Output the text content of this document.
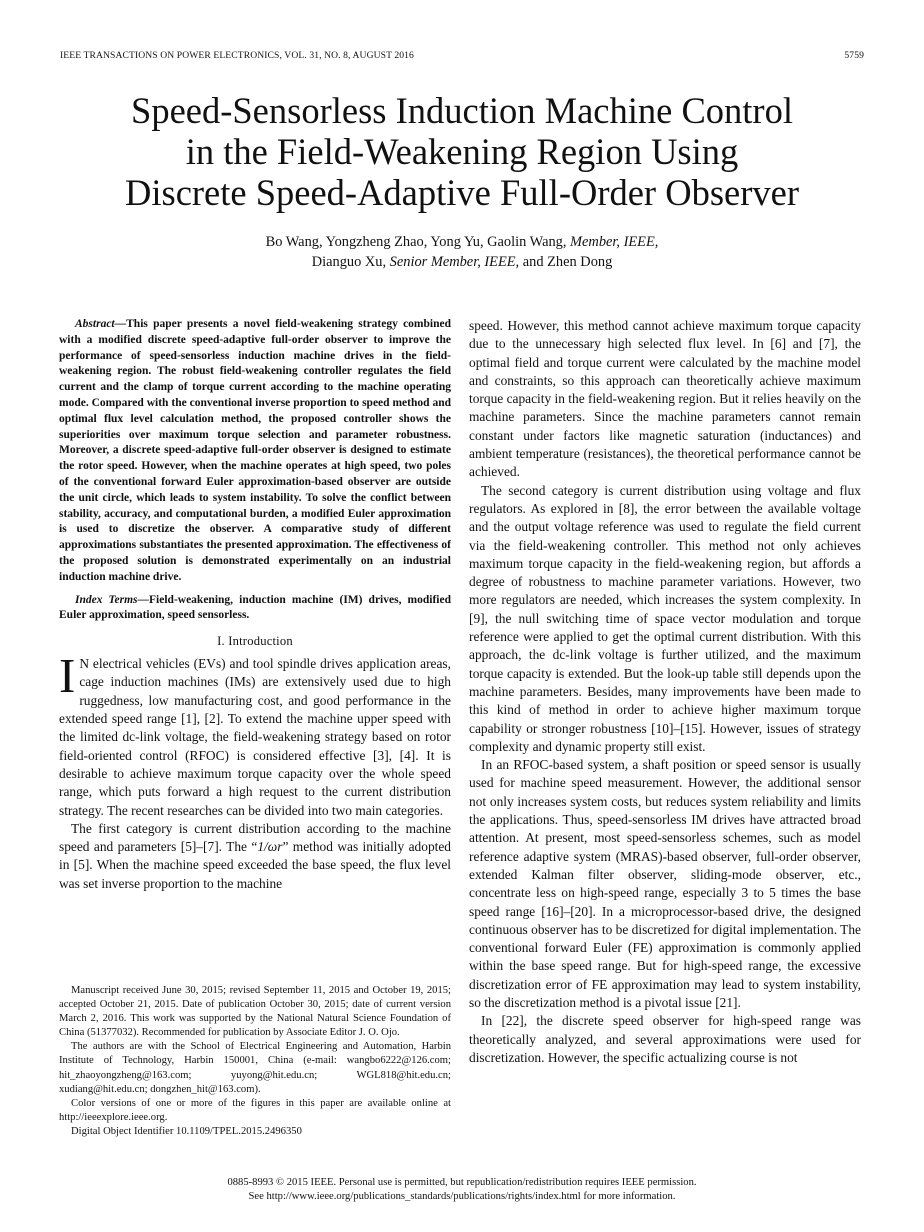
IEEE TRANSACTIONS ON POWER ELECTRONICS, VOL. 31, NO. 8, AUGUST 2016	5759
Speed-Sensorless Induction Machine Control
in the Field-Weakening Region Using
Discrete Speed-Adaptive Full-Order Observer
Bo Wang, Yongzheng Zhao, Yong Yu, Gaolin Wang, Member, IEEE,
Dianguo Xu, Senior Member, IEEE, and Zhen Dong

Abstract—This paper presents a novel field-weakening strategy combined with a modified discrete speed-adaptive full-order observer to improve the performance of speed-sensorless induction machine drives in the field-weakening region. The robust field-weakening controller regulates the field current and the clamp of torque current according to the machine operating mode. Compared with the conventional inverse proportion to speed method and optimal flux level calculation method, the proposed controller shows the superiorities over maximum torque selection and parameter robustness. Moreover, a discrete speed-adaptive full-order observer is designed to estimate the rotor speed. However, when the machine operates at high speed, two poles of the conventional forward Euler approximation-based observer are outside the unit circle, which leads to system instability. To solve the conflict between stability, accuracy, and computational burden, a modified Euler approximation is used to discretize the observer. A comparative study of different approximations substantiates the presented approximation. The effectiveness of the proposed solution is demonstrated experimentally on an industrial induction machine drive.

Index Terms—Field-weakening, induction machine (IM) drives, modified Euler approximation, speed sensorless.

I. Introduction

I N electrical vehicles (EVs) and tool spindle drives application areas, cage induction machines (IMs) are extensively used due to high ruggedness, low manufacturing cost, and good performance in the extended speed range [1], [2]. To extend the machine upper speed with the limited dc-link voltage, the field-weakening strategy based on rotor field-oriented control (RFOC) is considered effective [3], [4]. It is desirable to achieve maximum torque capacity over the whole speed range, which puts forward a high request to the current distribution strategy. The recent researches can be divided into two main categories.

The first category is current distribution according to the machine speed and parameters [5]–[7]. The “1/ωr” method was initially adopted in [5]. When the machine speed exceeded the base speed, the flux level was set inverse proportion to the machine

speed. However, this method cannot achieve maximum torque capacity due to the unnecessary high selected flux level. In [6] and [7], the optimal field and torque current were calculated by the machine model and constraints, so this approach can theoretically achieve maximum torque capacity in the field-weakening region. But it relies heavily on the machine parameters. Since the machine parameters cannot remain constant under factors like magnetic saturation (inductances) and ambient temperature (resistances), the theoretical performance cannot be achieved.

The second category is current distribution using voltage and flux regulators. As explored in [8], the error between the available voltage and the output voltage reference was used to regulate the field current via the field-weakening controller. This method not only achieves maximum torque capacity in the field-weakening region, but affords a degree of robustness to machine parameter variations. However, two more regulators are needed, which increases the system complexity. In [9], the null switching time of space vector modulation and torque reference were applied to get the optimal current distribution. With this approach, the dc-link voltage is further utilized, and the maximum torque capacity is extended. But the look-up table still depends upon the machine parameters. Besides, many improvements have been made to this kind of method in order to achieve higher maximum torque capability or stronger robustness [10]–[15]. However, issues of strategy complexity and dynamic property still exist.

In an RFOC-based system, a shaft position or speed sensor is usually used for machine speed measurement. However, the additional sensor not only increases system costs, but reduces system reliability and limits the applications. Thus, speed-sensorless IM drives have attracted broad attention. At present, most speed-sensorless schemes, such as model reference adaptive system (MRAS)-based observer, full-order observer, extended Kalman filter observer, sliding-mode observer, etc., concentrate less on high-speed range, especially 3 to 5 times the base speed range [16]–[20]. In a microprocessor-based drive, the designed continuous observer has to be discretized for digital implementation. The conventional forward Euler (FE) approximation is commonly applied within the base speed range. But for high-speed range, the excessive discretization error of FE approximation may lead to system instability, so the discretization method is a pivotal issue [21].

In [22], the discrete speed observer for high-speed range was theoretically analyzed, and several approximations were used for discretization. However, the specific actualizing course is not

Manuscript received June 30, 2015; revised September 11, 2015 and October 19, 2015; accepted October 21, 2015. Date of publication October 30, 2015; date of current version March 2, 2016. This work was supported by the National Natural Science Foundation of China (51377032). Recommended for publication by Associate Editor J. O. Ojo.

The authors are with the School of Electrical Engineering and Automation, Harbin Institute of Technology, Harbin 150001, China (e-mail: wangbo6222@126.com; hit_zhaoyongzheng@163.com; yuyong@hit.edu.cn; WGL818@hit.edu.cn; xudiang@hit.edu.cn; dongzhen_hit@163.com).

Color versions of one or more of the figures in this paper are available online at http://ieeexplore.ieee.org.

Digital Object Identifier 10.1109/TPEL.2015.2496350

0885-8993 © 2015 IEEE. Personal use is permitted, but republication/redistribution requires IEEE permission.
See http://www.ieee.org/publications_standards/publications/rights/index.html for more information.
